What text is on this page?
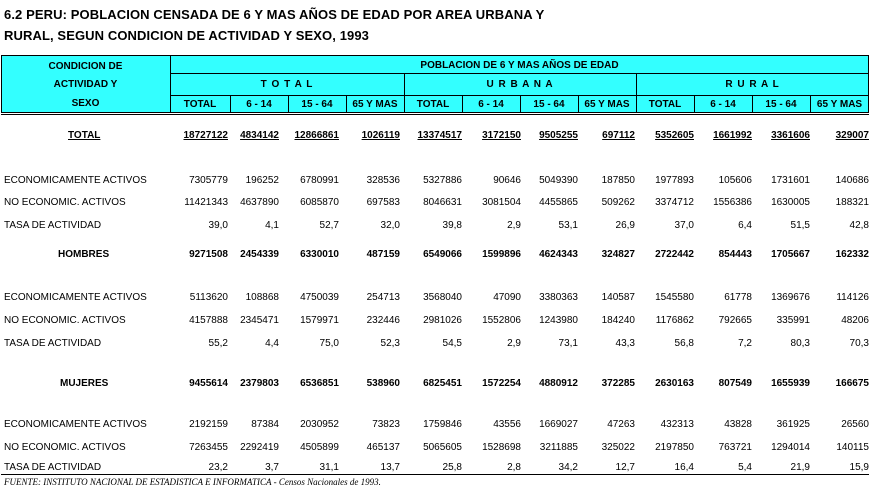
6.2 PERU: POBLACION CENSADA DE 6 Y MAS AÑOS DE EDAD POR AREA URBANA Y
RURAL, SEGUN CONDICION DE ACTIVIDAD Y SEXO, 1993
CONDICION DE
ACTIVIDAD Y
SEXO
POBLACION DE 6 Y MAS AÑOS DE EDAD
T O T A L	U R B A N A	R U R A L
TOTAL	6 - 14	15 - 64	65 Y MAS	TOTAL	6 - 14	15 - 64	65 Y MAS	TOTAL	6 - 14	15 - 64	65 Y MAS
TOTAL	18727122	4834142	12866861	1026119	13374517	3172150	9505255	697112	5352605	1661992	3361606	329007
ECONOMICAMENTE ACTIVOS	7305779	196252	6780991	328536	5327886	90646	5049390	187850	1977893	105606	1731601	140686
NO ECONOMIC. ACTIVOS	11421343	4637890	6085870	697583	8046631	3081504	4455865	509262	3374712	1556386	1630005	188321
TASA DE ACTIVIDAD	39,0	4,1	52,7	32,0	39,8	2,9	53,1	26,9	37,0	6,4	51,5	42,8
HOMBRES	9271508	2454339	6330010	487159	6549066	1599896	4624343	324827	2722442	854443	1705667	162332
ECONOMICAMENTE ACTIVOS	5113620	108868	4750039	254713	3568040	47090	3380363	140587	1545580	61778	1369676	114126
NO ECONOMIC. ACTIVOS	4157888	2345471	1579971	232446	2981026	1552806	1243980	184240	1176862	792665	335991	48206
TASA DE ACTIVIDAD	55,2	4,4	75,0	52,3	54,5	2,9	73,1	43,3	56,8	7,2	80,3	70,3
MUJERES	9455614	2379803	6536851	538960	6825451	1572254	4880912	372285	2630163	807549	1655939	166675
ECONOMICAMENTE ACTIVOS	2192159	87384	2030952	73823	1759846	43556	1669027	47263	432313	43828	361925	26560
NO ECONOMIC. ACTIVOS	7263455	2292419	4505899	465137	5065605	1528698	3211885	325022	2197850	763721	1294014	140115
TASA DE ACTIVIDAD	23,2	3,7	31,1	13,7	25,8	2,8	34,2	12,7	16,4	5,4	21,9	15,9
FUENTE: INSTITUTO NACIONAL DE ESTADISTICA E INFORMATICA - Censos Nacionales de 1993.
